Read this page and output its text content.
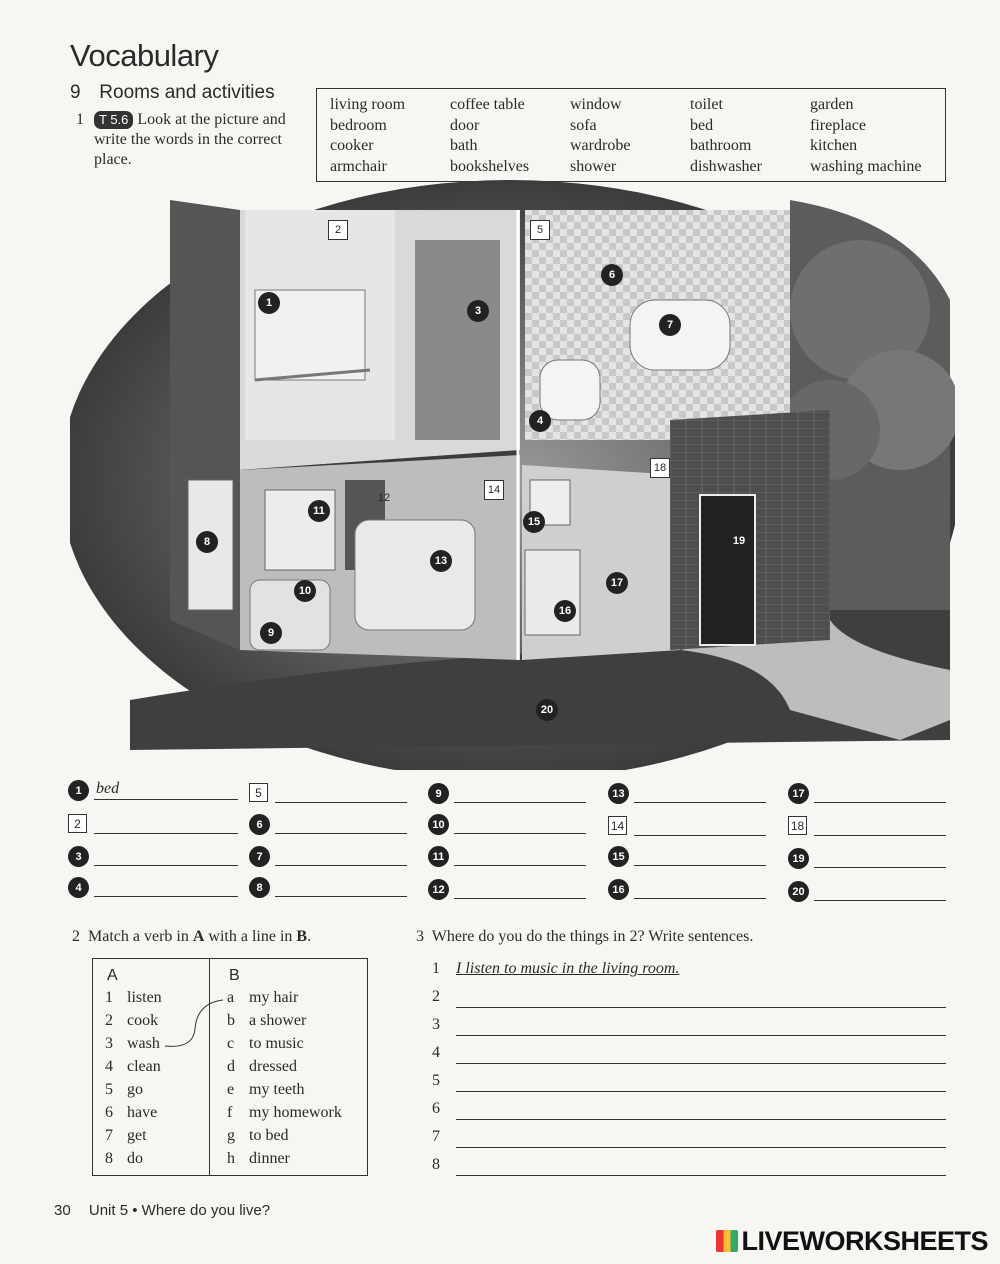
Vocabulary
9 Rooms and activities
1	T 5.6 Look at the picture and write the words in the correct place.
living room
bedroom
cooker
armchair
coffee table
door
bath
bookshelves
window
sofa
wardrobe
shower
toilet
bed
bathroom
dishwasher
garden
fireplace
kitchen
washing machine
1
2
3
4
5
6
7
8
9
10
11
12
13
14
15
16
17
18
19
20
1 bed
2
3
4
5
6
7
8
9
10
11
12
13
14
15
16
17
18
19
20
2 Match a verb in A with a line in B.
A	B
1 listen
2 cook
3 wash
4 clean
5 go
6 have
7 get
8 do
a my hair
b a shower
c to music
d dressed
e my teeth
f my homework
g to bed
h dinner
3 Where do you do the things in 2? Write sentences.
1 I listen to music in the living room.
2
3
4
5
6
7
8
30 Unit 5 • Where do you live?
LIVEWORKSHEETS
